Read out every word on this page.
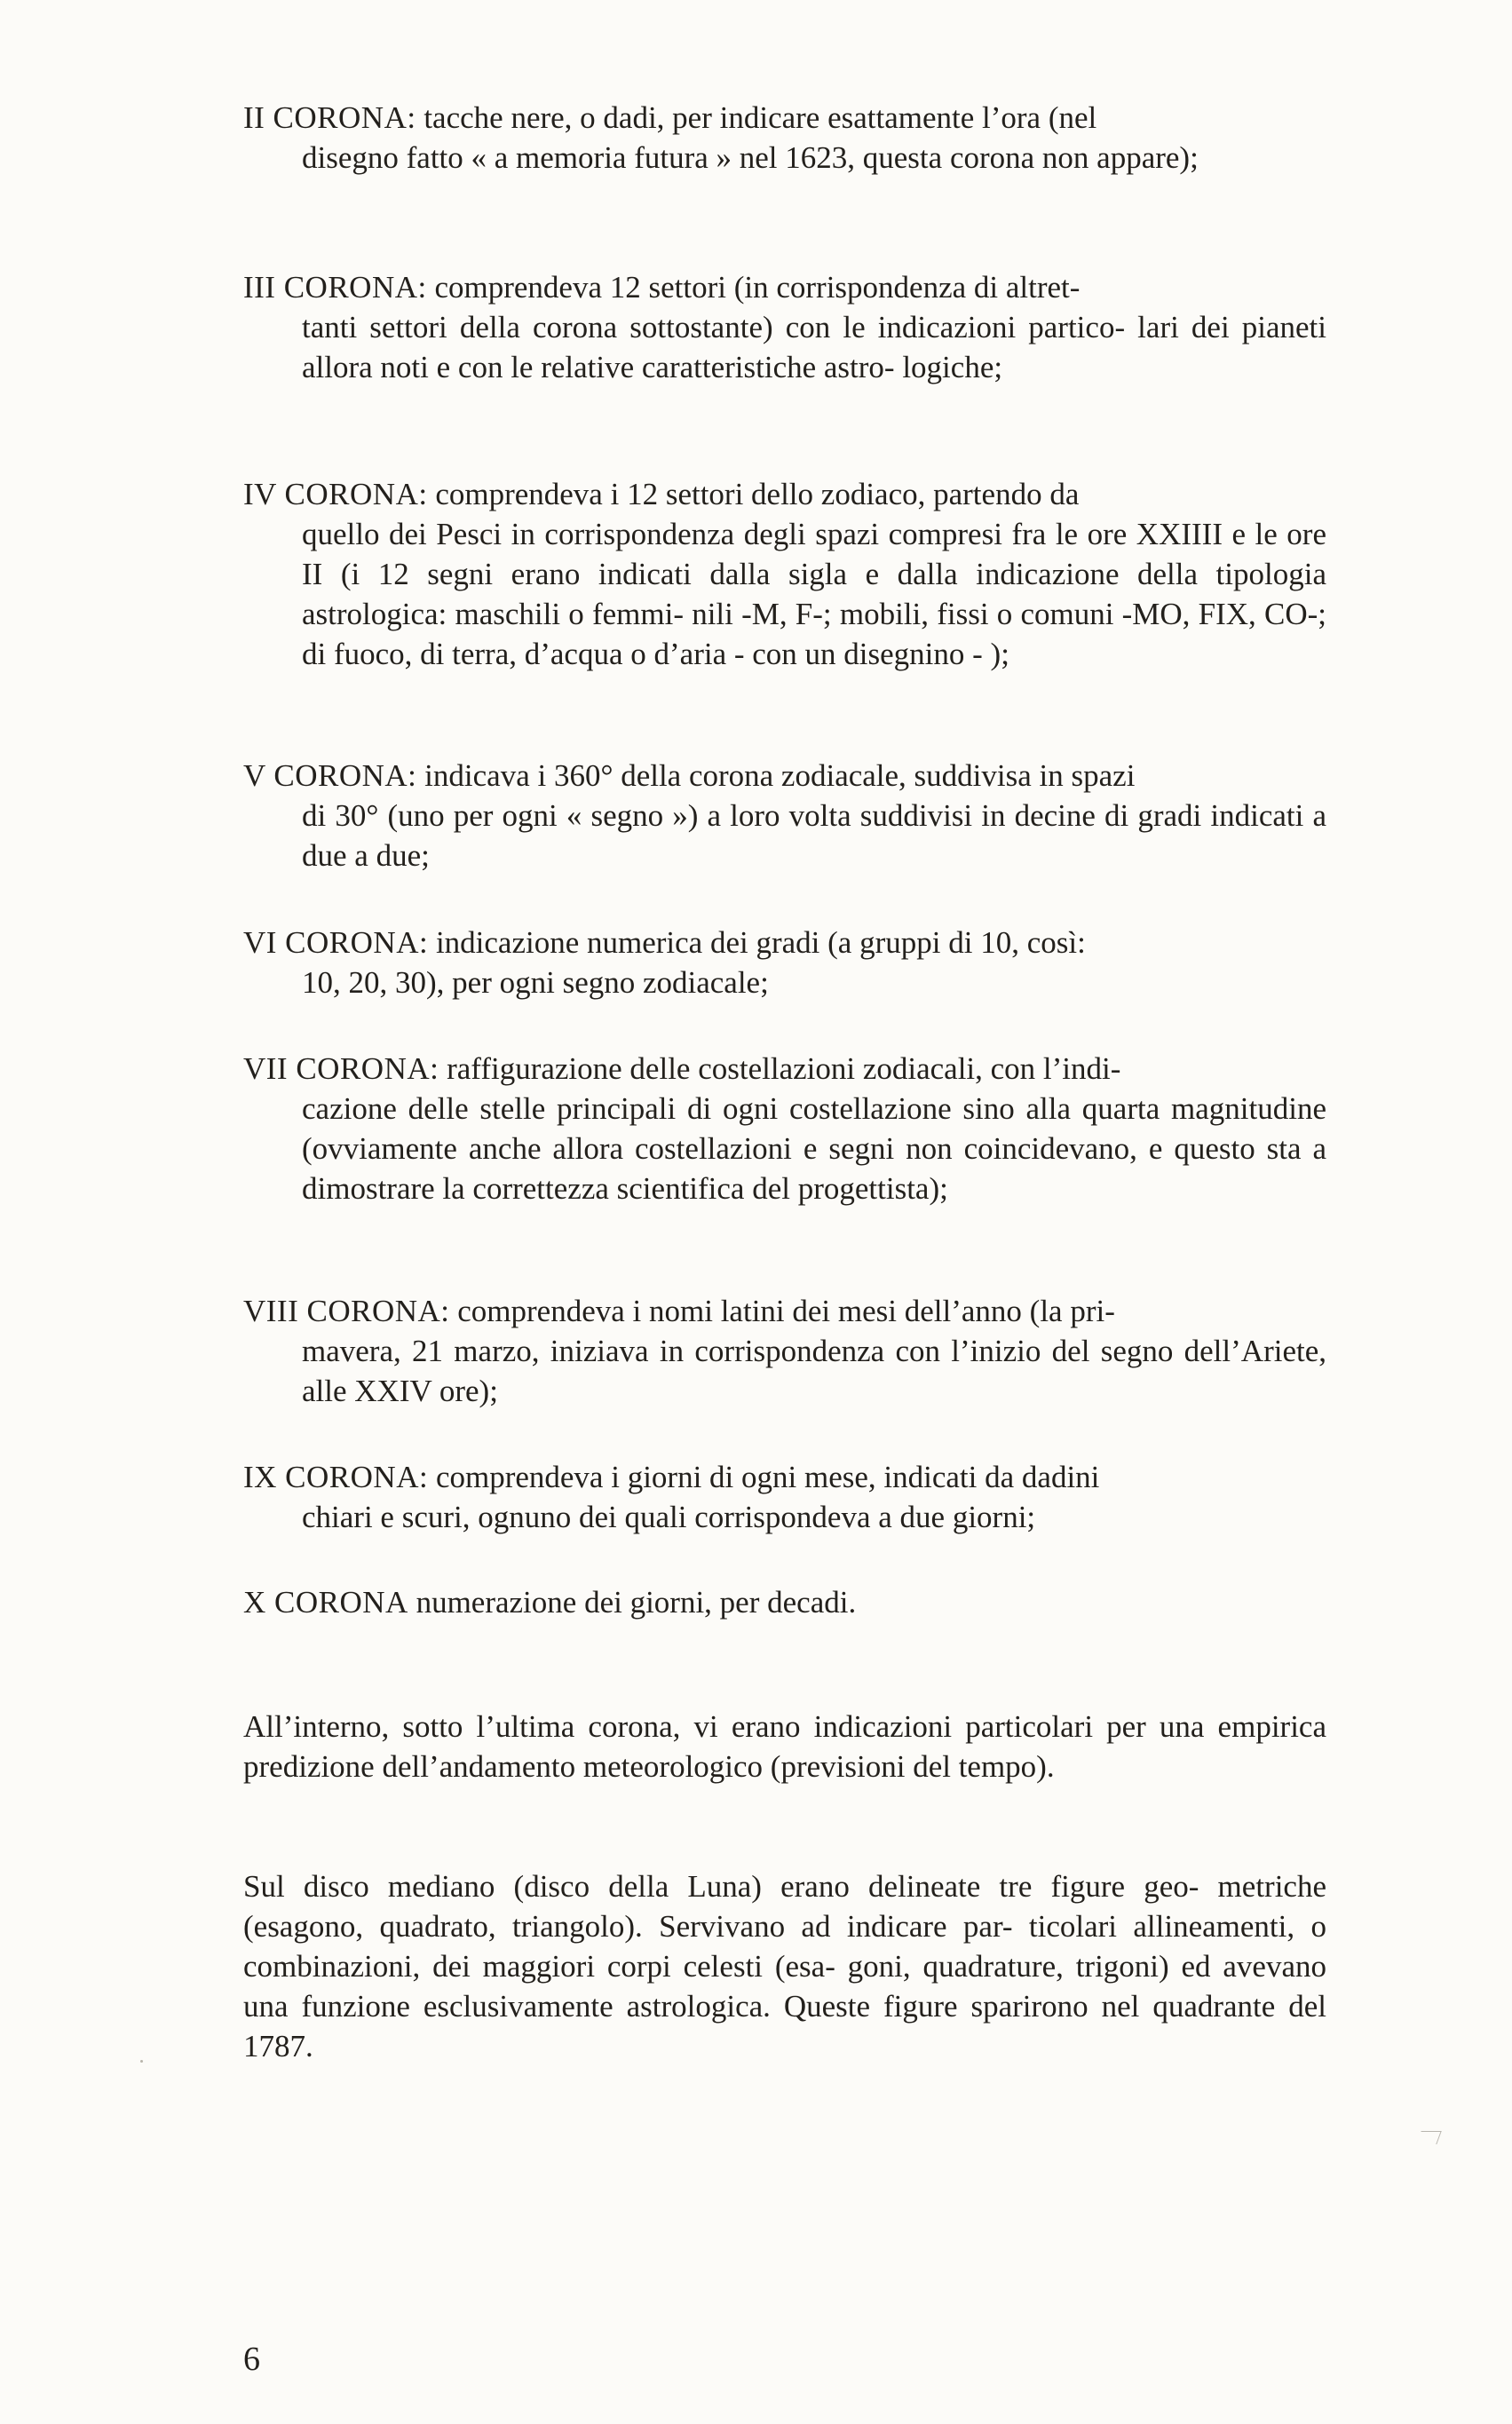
II CORONA: tacche nere, o dadi, per indicare esattamente l’ora (nel
disegno fatto « a memoria futura » nel 1623, questa corona non appare);
III CORONA: comprendeva 12 settori (in corrispondenza di altret-
tanti settori della corona sottostante) con le indicazioni partico- lari dei pianeti allora noti e con le relative caratteristiche astro- logiche;
IV CORONA: comprendeva i 12 settori dello zodiaco, partendo da
quello dei Pesci in corrispondenza degli spazi compresi fra le ore XXIIII e le ore II (i 12 segni erano indicati dalla sigla e dalla indicazione della tipologia astrologica: maschili o femmi- nili -M, F-; mobili, fissi o comuni -MO, FIX, CO-; di fuoco, di terra, d’acqua o d’aria - con un disegnino - );
V CORONA: indicava i 360° della corona zodiacale, suddivisa in spazi
di 30° (uno per ogni « segno ») a loro volta suddivisi in decine di gradi indicati a due a due;
VI CORONA: indicazione numerica dei gradi (a gruppi di 10, così:
10, 20, 30), per ogni segno zodiacale;
VII CORONA: raffigurazione delle costellazioni zodiacali, con l’indi-
cazione delle stelle principali di ogni costellazione sino alla quarta magnitudine (ovviamente anche allora costellazioni e segni non coincidevano, e questo sta a dimostrare la correttezza scientifica del progettista);
VIII CORONA: comprendeva i nomi latini dei mesi dell’anno (la pri-
mavera, 21 marzo, iniziava in corrispondenza con l’inizio del segno dell’Ariete, alle XXIV ore);
IX CORONA: comprendeva i giorni di ogni mese, indicati da dadini
chiari e scuri, ognuno dei quali corrispondeva a due giorni;
X CORONA numerazione dei giorni, per decadi.

All’interno, sotto l’ultima corona, vi erano indicazioni particolari per una empirica predizione dell’andamento meteorologico (previsioni del tempo).

Sul disco mediano (disco della Luna) erano delineate tre figure geo- metriche (esagono, quadrato, triangolo). Servivano ad indicare par- ticolari allineamenti, o combinazioni, dei maggiori corpi celesti (esa- goni, quadrature, trigoni) ed avevano una funzione esclusivamente astrologica. Queste figure sparirono nel quadrante del 1787.

6
